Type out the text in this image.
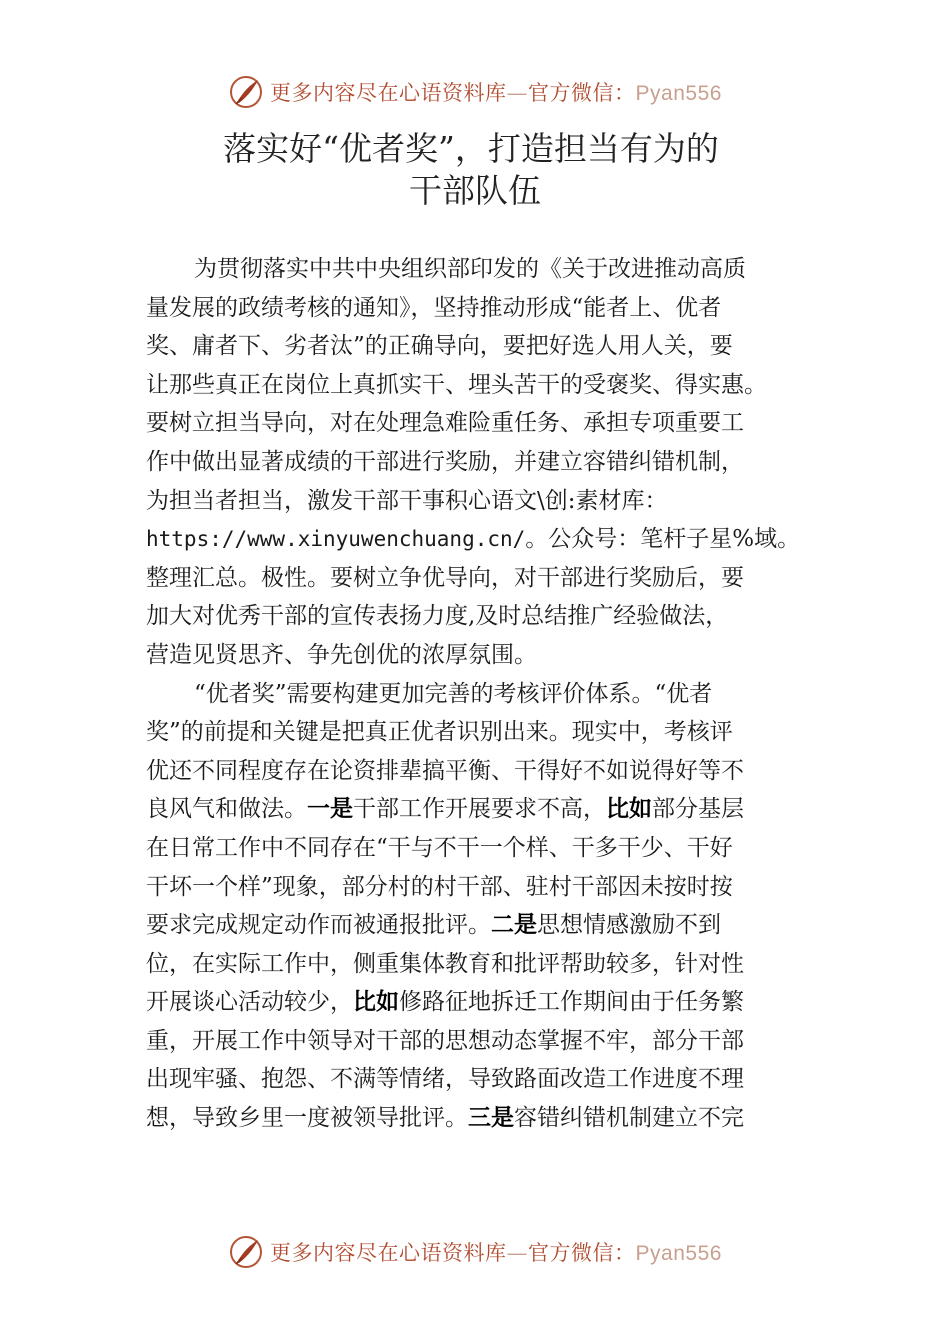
更多内容尽在心语资料库—官方微信：Pyan556
落实好“优者奖”，打造担当有为的
干部队伍
为贯彻落实中共中央组织部印发的《关于改进推动高质
量发展的政绩考核的通知》，坚持推动形成“能者上、优者
奖、庸者下、劣者汰”的正确导向，要把好选人用人关，要
让那些真正在岗位上真抓实干、埋头苦干的受褒奖、得实惠。
要树立担当导向，对在处理急难险重任务、承担专项重要工
作中做出显著成绩的干部进行奖励，并建立容错纠错机制，
为担当者担当，激发干部干事积心语文\创:素材库：
https://www.xinyuwenchuang.cn/。公众号：笔杆子星%域。
整理汇总。极性。要树立争优导向，对干部进行奖励后，要
加大对优秀干部的宣传表扬力度,及时总结推广经验做法，
营造见贤思齐、争先创优的浓厚氛围。
“优者奖”需要构建更加完善的考核评价体系。“优者
奖”的前提和关键是把真正优者识别出来。现实中，考核评
优还不同程度存在论资排辈搞平衡、干得好不如说得好等不
良风气和做法。一是干部工作开展要求不高，比如部分基层
在日常工作中不同存在“干与不干一个样、干多干少、干好
干坏一个样”现象，部分村的村干部、驻村干部因未按时按
要求完成规定动作而被通报批评。二是思想情感激励不到
位，在实际工作中，侧重集体教育和批评帮助较多，针对性
开展谈心活动较少，比如修路征地拆迁工作期间由于任务繁
重，开展工作中领导对干部的思想动态掌握不牢，部分干部
出现牢骚、抱怨、不满等情绪，导致路面改造工作进度不理
想，导致乡里一度被领导批评。三是容错纠错机制建立不完
更多内容尽在心语资料库—官方微信：Pyan556
